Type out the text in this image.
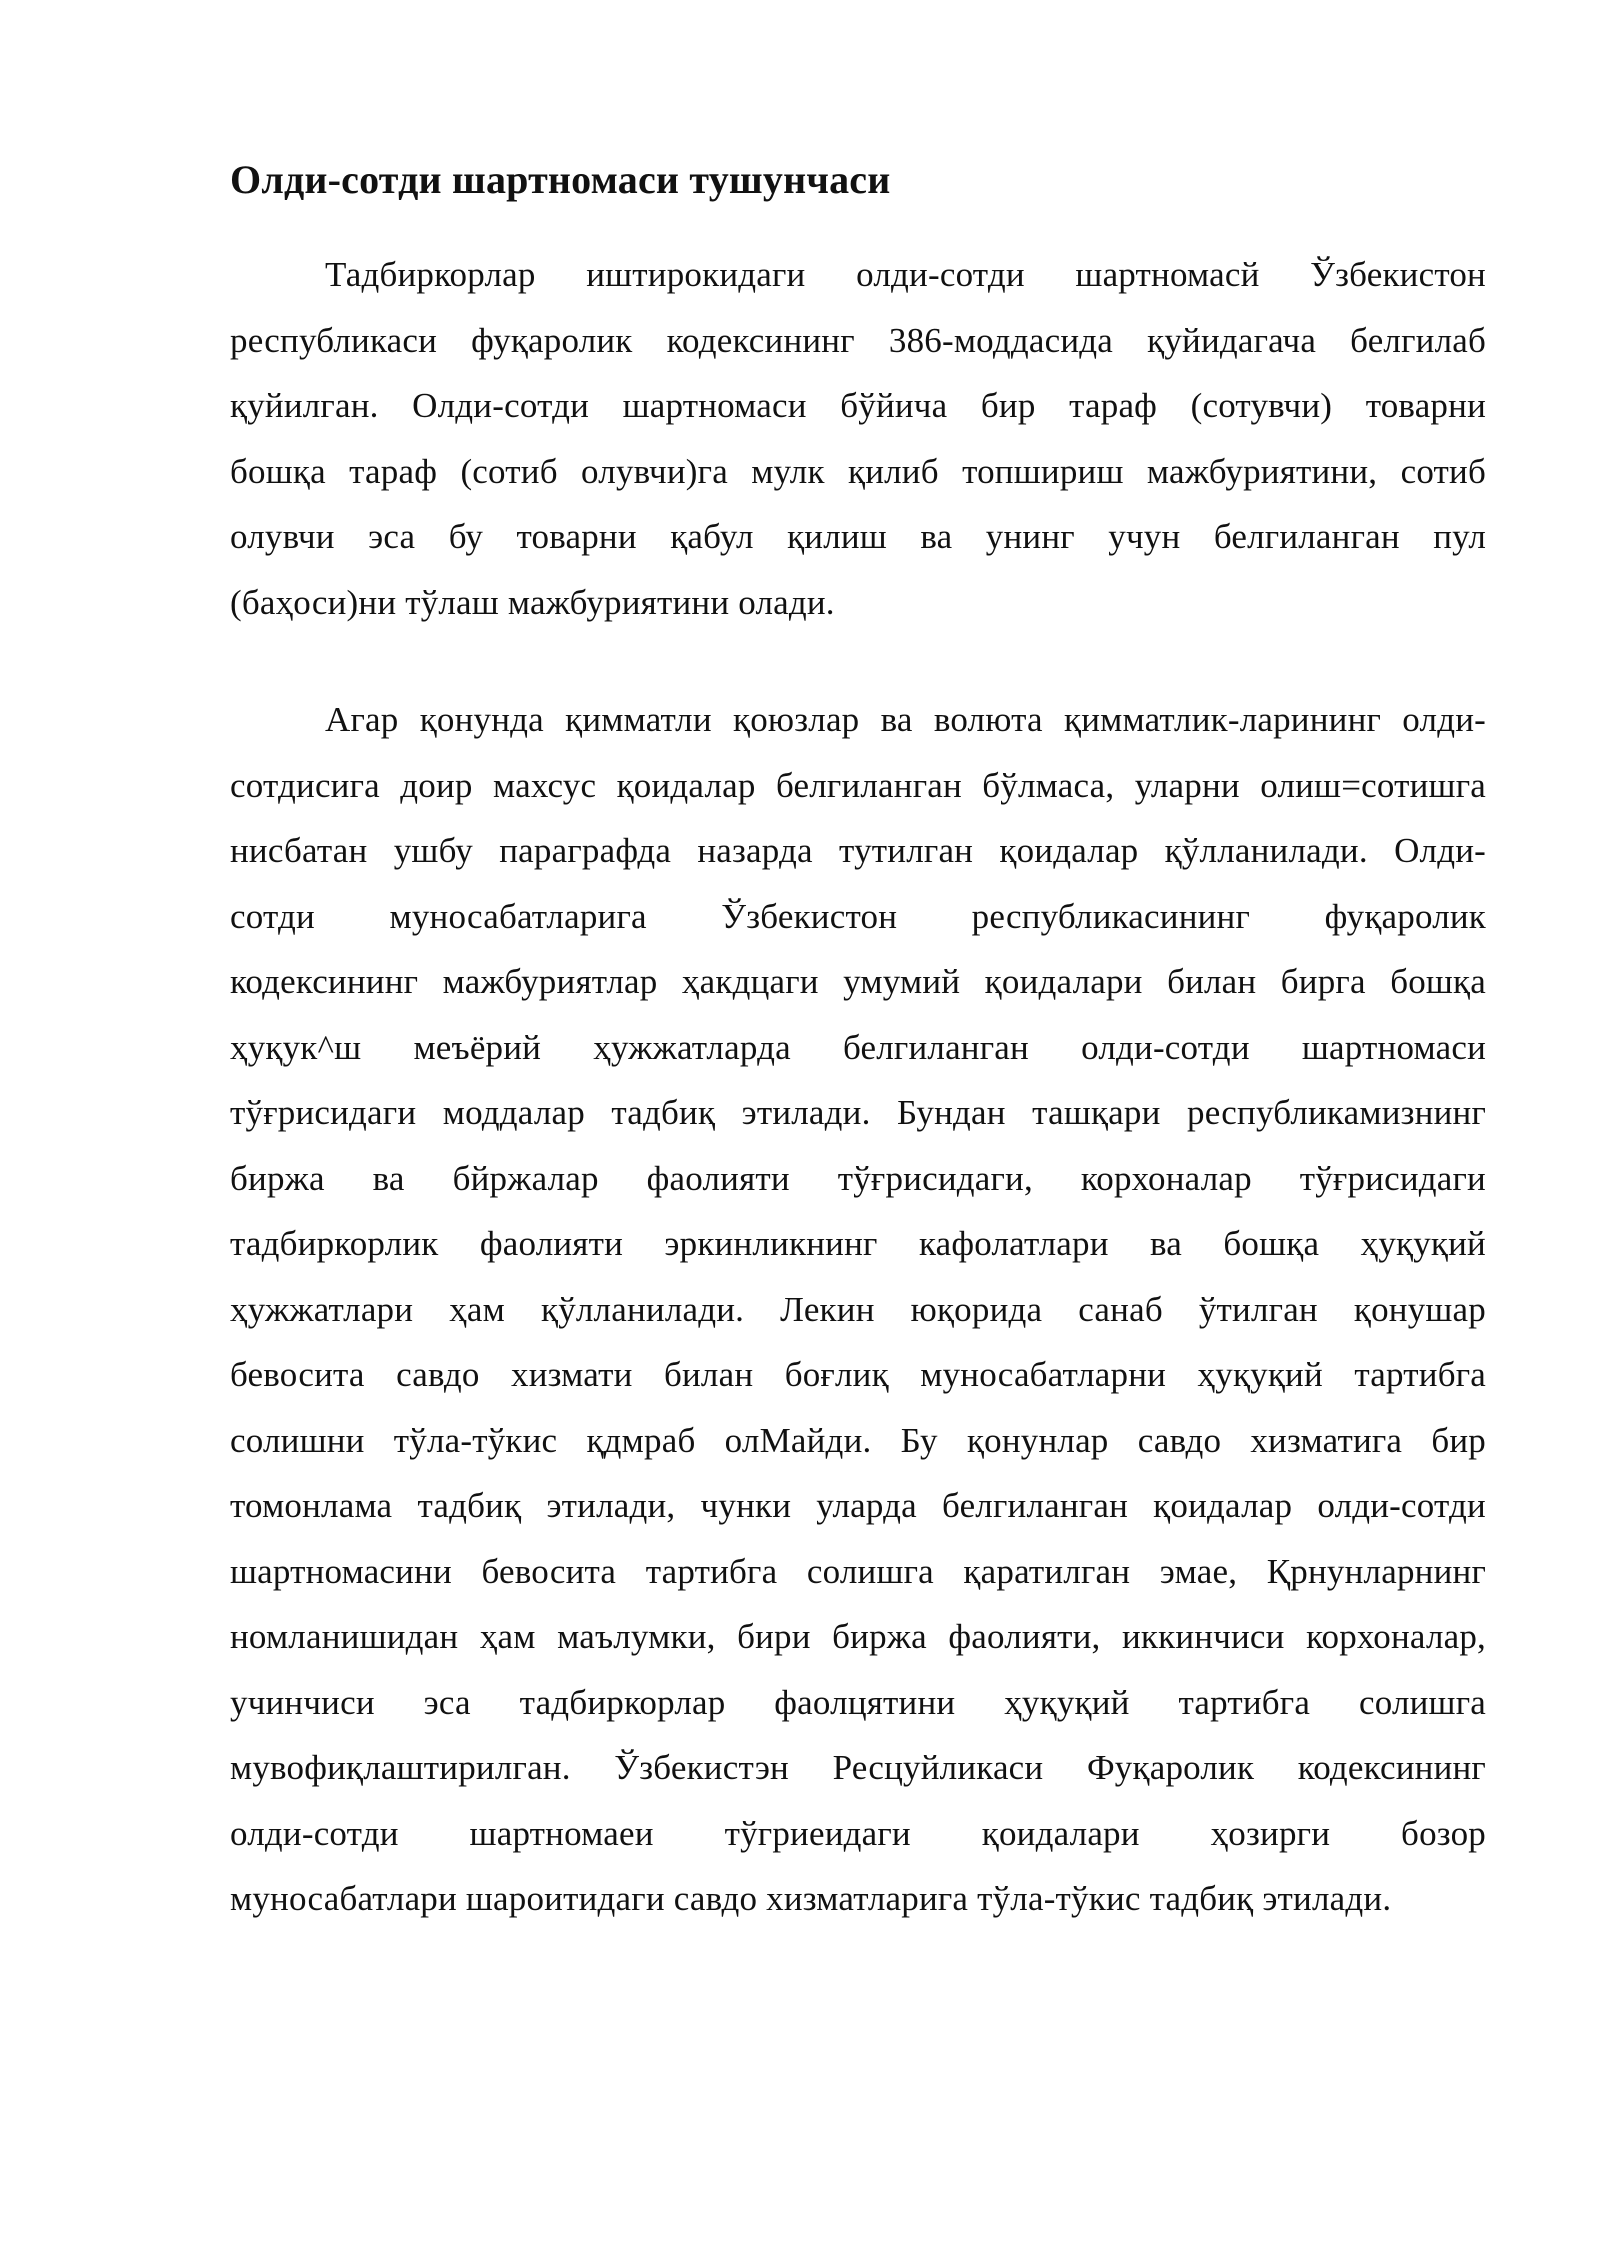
Олди-сотди шартномаси тушунчаси
Тадбиркорлар иштирокидаги олди-сотди шартномасй Ўзбекистон
республикаси фуқаролик кодексининг 386-моддасида қуйидагача белгилаб
қуйилган. Олди-сотди шартномаси бўйича бир тараф (сотувчи) товарни
бошқа тараф (сотиб олувчи)га мулк қилиб топшириш мажбуриятини, сотиб
олувчи эса бу товарни қабул қилиш ва унинг учун белгиланган пул
(баҳоси)ни тўлаш мажбуриятини олади.
Агар қонунда қимматли қоюзлар ва волюта қимматлик-ларининг олди-
сотдисига доир махсус қоидалар белгиланган бўлмаса, уларни олиш=сотишга
нисбатан ушбу параграфда назарда тутилган қоидалар қўлланилади. Олди-
сотди муносабатларига Ўзбекистон республикасининг фуқаролик
кодексининг мажбуриятлар ҳакдцаги умумий қоидалари билан бирга бошқа
ҳуқук^ш меъёрий ҳужжатларда белгиланган олди-сотди шартномаси
тўғрисидаги моддалар тадбиқ этилади. Бундан ташқари республикамизнинг
биржа ва бйржалар фаолияти тўғрисидаги, корхоналар тўғрисидаги
тадбиркорлик фаолияти эркинликнинг кафолатлари ва бошқа ҳуқуқий
ҳужжатлари ҳам қўлланилади. Лекин юқорида санаб ўтилган қонушар
бевосита савдо хизмати билан боғлиқ муносабатларни ҳуқуқий тартибга
солишни тўла-тўкис қдмраб олМайди. Бу қонунлар савдо хизматига бир
томонлама тадбиқ этилади, чунки уларда белгиланган қоидалар олди-сотди
шартномасини бевосита тартибга солишга қаратилган эмае, Қрнунларнинг
номланишидан ҳам маълумки, бири биржа фаолияти, иккинчиси корхоналар,
учинчиси эса тадбиркорлар фаолцятини ҳуқуқий тартибга солишга
мувофиқлаштирилган. Ўзбекистэн Ресцуйликаси Фуқаролик кодексининг
олди-сотди шартномаеи тўгриеидаги қоидалари ҳозирги бозор
муносабатлари шароитидаги савдо хизматларига тўла-тўкис тадбиқ этилади.
